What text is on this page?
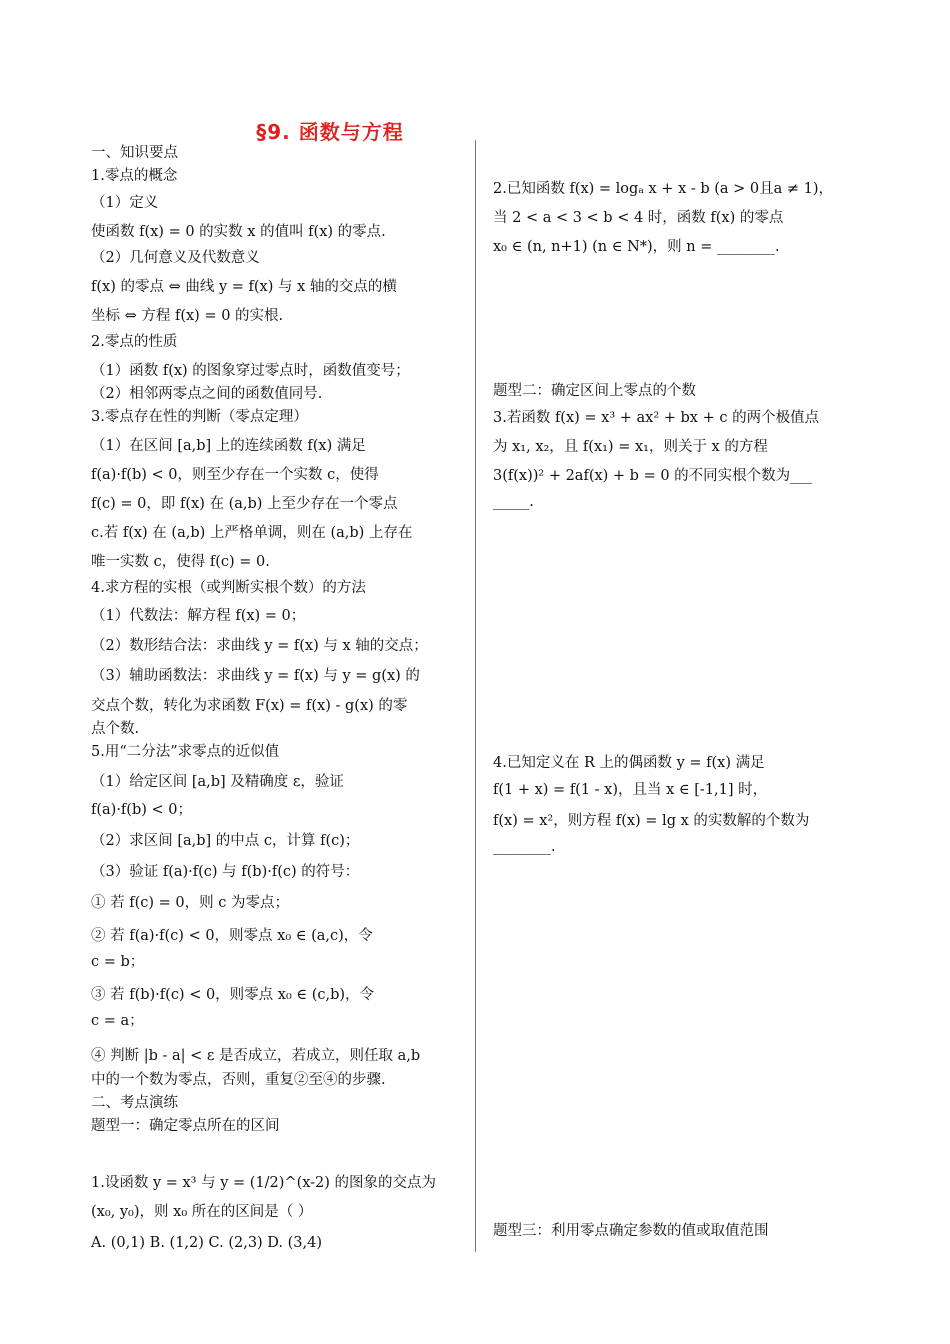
§9. 函数与方程
一、知识要点
1.零点的概念
（1）定义
使函数 f(x) = 0 的实数 x 的值叫 f(x) 的零点.
（2）几何意义及代数意义
f(x) 的零点 ⇔ 曲线 y = f(x) 与 x 轴的交点的横
坐标 ⇔ 方程 f(x) = 0 的实根.
2.零点的性质
（1）函数 f(x) 的图象穿过零点时，函数值变号；
（2）相邻两零点之间的函数值同号.
3.零点存在性的判断（零点定理）
（1）在区间 [a,b] 上的连续函数 f(x) 满足
f(a)·f(b) < 0，则至少存在一个实数 c，使得
f(c) = 0，即 f(x) 在 (a,b) 上至少存在一个零点
c.若 f(x) 在 (a,b) 上严格单调，则在 (a,b) 上存在
唯一实数 c，使得 f(c) = 0.
4.求方程的实根（或判断实根个数）的方法
（1）代数法：解方程 f(x) = 0；
（2）数形结合法：求曲线 y = f(x) 与 x 轴的交点；
（3）辅助函数法：求曲线 y = f(x) 与 y = g(x) 的
交点个数，转化为求函数 F(x) = f(x) - g(x) 的零
点个数.
5.用“二分法”求零点的近似值
（1）给定区间 [a,b] 及精确度 ε，验证
f(a)·f(b) < 0；
（2）求区间 [a,b] 的中点 c，计算 f(c)；
（3）验证 f(a)·f(c) 与 f(b)·f(c) 的符号：
① 若 f(c) = 0，则 c 为零点；
② 若 f(a)·f(c) < 0，则零点 x₀ ∈ (a,c)，令
c = b；
③ 若 f(b)·f(c) < 0，则零点 x₀ ∈ (c,b)，令
c = a；
④ 判断 |b - a| < ε 是否成立，若成立，则任取 a,b
中的一个数为零点，否则，重复②至④的步骤.
二、考点演练
题型一：确定零点所在的区间
1.设函数 y = x³ 与 y = (1/2)^(x-2) 的图象的交点为
(x₀, y₀)，则 x₀ 所在的区间是（ ）
A. (0,1) B. (1,2) C. (2,3) D. (3,4)
2.已知函数 f(x) = logₐ x + x - b (a > 0且a ≠ 1)，
当 2 < a < 3 < b < 4 时，函数 f(x) 的零点
x₀ ∈ (n, n+1) (n ∈ N*)，则 n = ________.
题型二：确定区间上零点的个数
3.若函数 f(x) = x³ + ax² + bx + c 的两个极值点
为 x₁, x₂，且 f(x₁) = x₁，则关于 x 的方程
3(f(x))² + 2af(x) + b = 0 的不同实根个数为___
_____.
4.已知定义在 R 上的偶函数 y = f(x) 满足
f(1 + x) = f(1 - x)，且当 x ∈ [-1,1] 时，
f(x) = x²，则方程 f(x) = lg x 的实数解的个数为
________.
题型三：利用零点确定参数的值或取值范围
